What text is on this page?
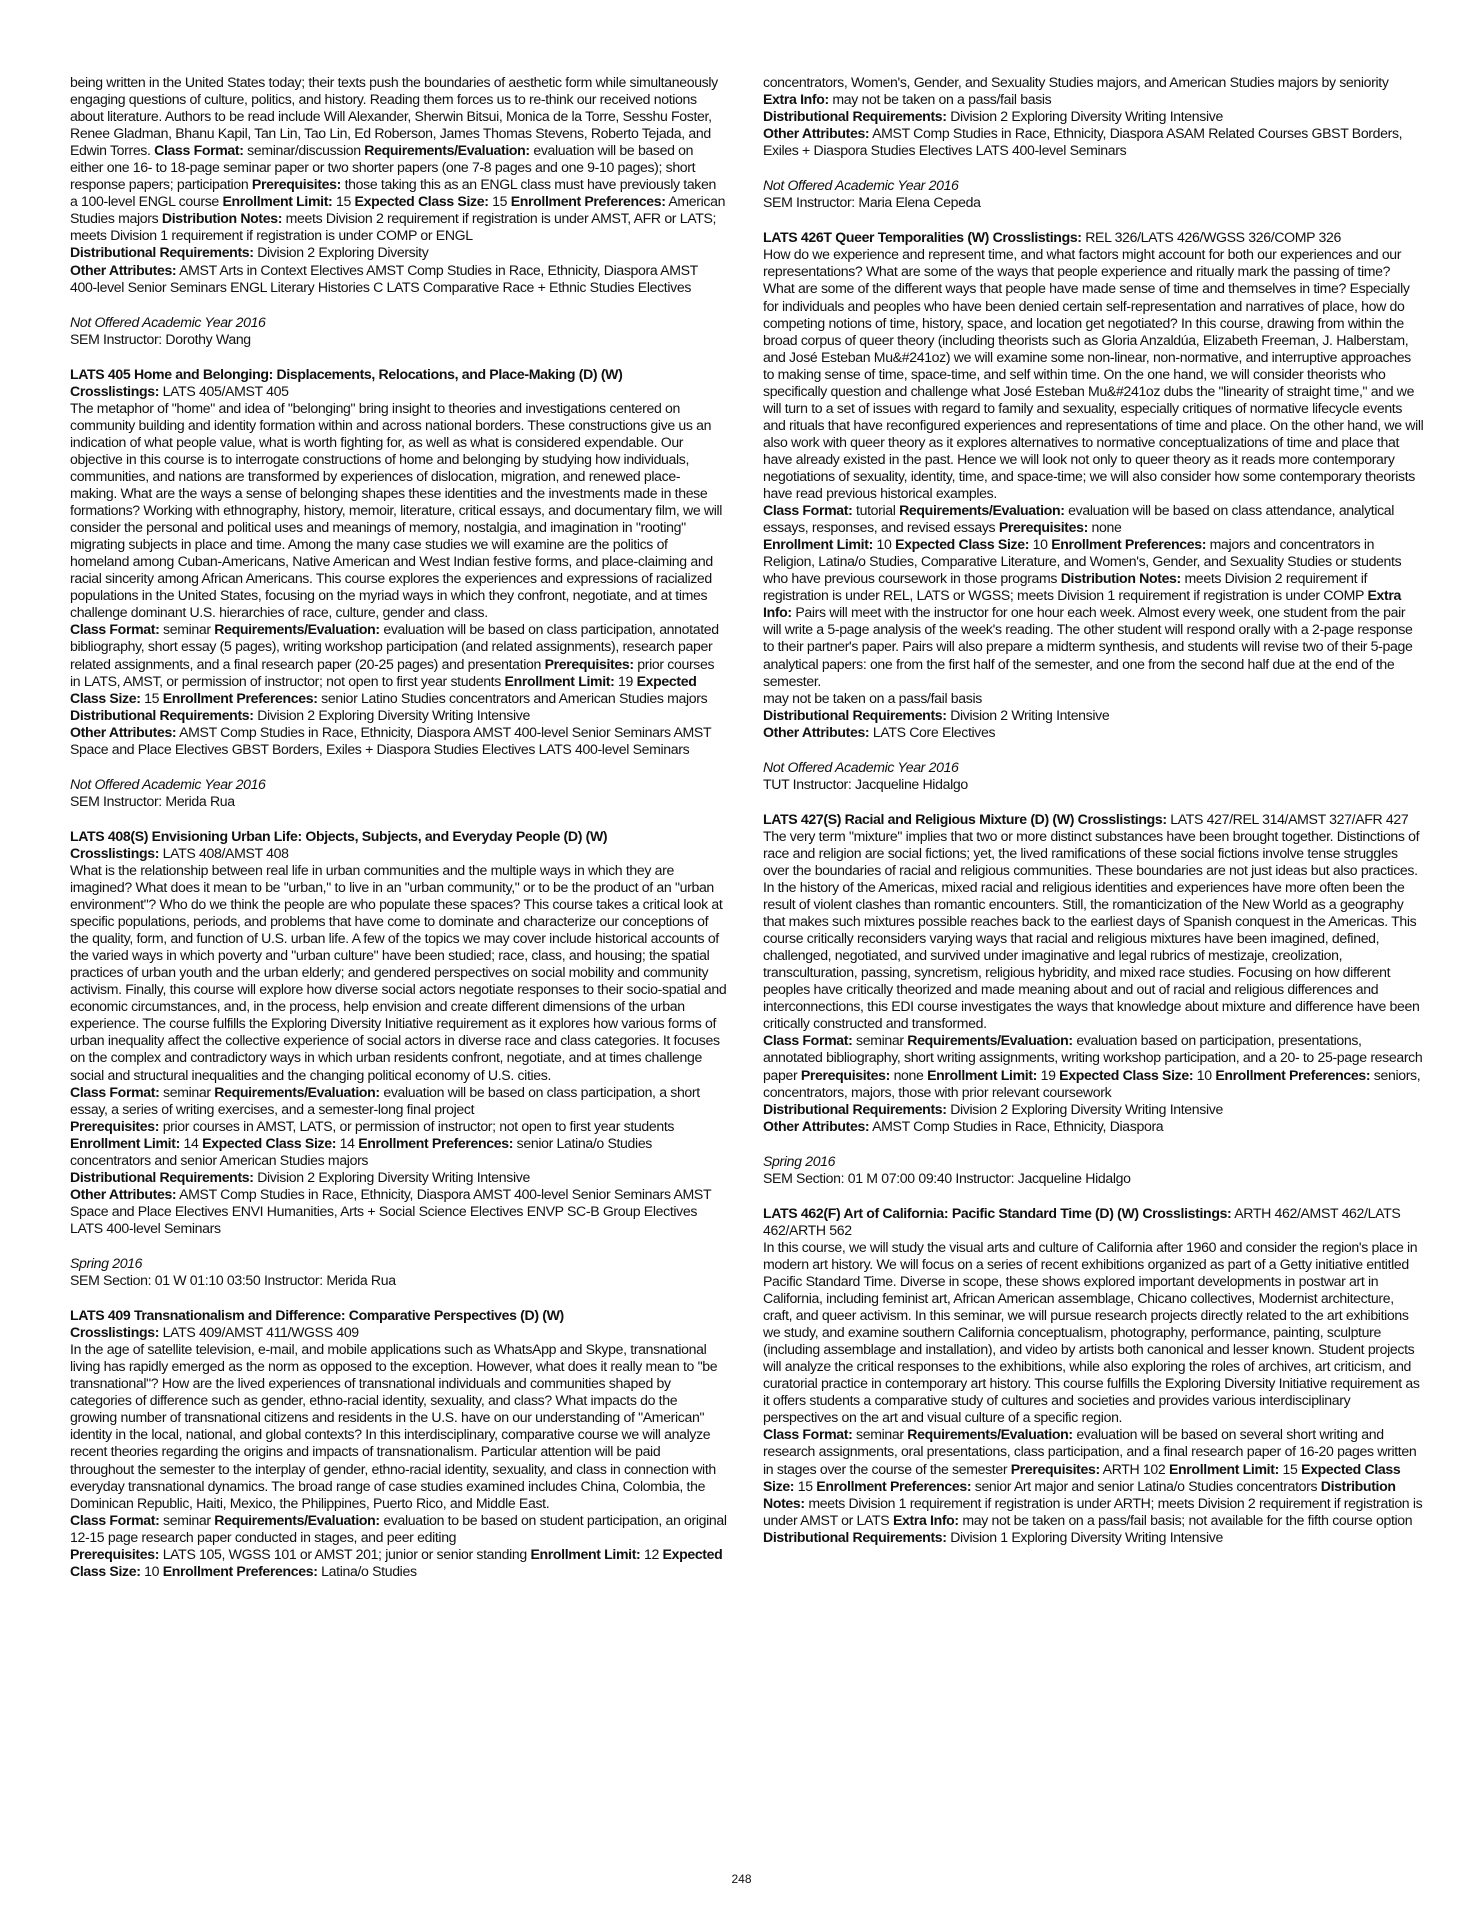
being written in the United States today; their texts push the boundaries of aesthetic form while simultaneously engaging questions of culture, politics, and history. Reading them forces us to re-think our received notions about literature. Authors to be read include Will Alexander, Sherwin Bitsui, Monica de la Torre, Sesshu Foster, Renee Gladman, Bhanu Kapil, Tan Lin, Tao Lin, Ed Roberson, James Thomas Stevens, Roberto Tejada, and Edwin Torres. Class Format: seminar/discussion Requirements/Evaluation: evaluation will be based on either one 16- to 18-page seminar paper or two shorter papers (one 7-8 pages and one 9-10 pages); short response papers; participation Prerequisites: those taking this as an ENGL class must have previously taken a 100-level ENGL course Enrollment Limit: 15 Expected Class Size: 15 Enrollment Preferences: American Studies majors Distribution Notes: meets Division 2 requirement if registration is under AMST, AFR or LATS; meets Division 1 requirement if registration is under COMP or ENGL
Distributional Requirements: Division 2 Exploring Diversity
Other Attributes: AMST Arts in Context Electives AMST Comp Studies in Race, Ethnicity, Diaspora AMST 400-level Senior Seminars ENGL Literary Histories C LATS Comparative Race + Ethnic Studies Electives

Not Offered Academic Year 2016
SEM Instructor: Dorothy Wang

LATS 405 Home and Belonging: Displacements, Relocations, and Place-Making (D) (W)
Crosslistings: LATS 405/AMST 405
The metaphor of "home" and idea of "belonging" bring insight to theories and investigations centered on community building and identity formation within and across national borders. These constructions give us an indication of what people value, what is worth fighting for, as well as what is considered expendable. Our objective in this course is to interrogate constructions of home and belonging by studying how individuals, communities, and nations are transformed by experiences of dislocation, migration, and renewed place-making. What are the ways a sense of belonging shapes these identities and the investments made in these formations? Working with ethnography, history, memoir, literature, critical essays, and documentary film, we will consider the personal and political uses and meanings of memory, nostalgia, and imagination in "rooting" migrating subjects in place and time. Among the many case studies we will examine are the politics of homeland among Cuban-Americans, Native American and West Indian festive forms, and place-claiming and racial sincerity among African Americans. This course explores the experiences and expressions of racialized populations in the United States, focusing on the myriad ways in which they confront, negotiate, and at times challenge dominant U.S. hierarchies of race, culture, gender and class.
Class Format: seminar Requirements/Evaluation: evaluation will be based on class participation, annotated bibliography, short essay (5 pages), writing workshop participation (and related assignments), research paper related assignments, and a final research paper (20-25 pages) and presentation Prerequisites: prior courses in LATS, AMST, or permission of instructor; not open to first year students Enrollment Limit: 19 Expected Class Size: 15 Enrollment Preferences: senior Latino Studies concentrators and American Studies majors
Distributional Requirements: Division 2 Exploring Diversity Writing Intensive
Other Attributes: AMST Comp Studies in Race, Ethnicity, Diaspora AMST 400-level Senior Seminars AMST Space and Place Electives GBST Borders, Exiles + Diaspora Studies Electives LATS 400-level Seminars

Not Offered Academic Year 2016
SEM Instructor: Merida Rua

LATS 408(S) Envisioning Urban Life: Objects, Subjects, and Everyday People (D) (W)
Crosslistings: LATS 408/AMST 408
What is the relationship between real life in urban communities and the multiple ways in which they are imagined? What does it mean to be "urban," to live in an "urban community," or to be the product of an "urban environment"? Who do we think the people are who populate these spaces? This course takes a critical look at specific populations, periods, and problems that have come to dominate and characterize our conceptions of the quality, form, and function of U.S. urban life. A few of the topics we may cover include historical accounts of the varied ways in which poverty and "urban culture" have been studied; race, class, and housing; the spatial practices of urban youth and the urban elderly; and gendered perspectives on social mobility and community activism. Finally, this course will explore how diverse social actors negotiate responses to their socio-spatial and economic circumstances, and, in the process, help envision and create different dimensions of the urban experience. The course fulfills the Exploring Diversity Initiative requirement as it explores how various forms of urban inequality affect the collective experience of social actors in diverse race and class categories. It focuses on the complex and contradictory ways in which urban residents confront, negotiate, and at times challenge social and structural inequalities and the changing political economy of U.S. cities.
Class Format: seminar Requirements/Evaluation: evaluation will be based on class participation, a short essay, a series of writing exercises, and a semester-long final project
Prerequisites: prior courses in AMST, LATS, or permission of instructor; not open to first year students Enrollment Limit: 14 Expected Class Size: 14 Enrollment Preferences: senior Latina/o Studies concentrators and senior American Studies majors
Distributional Requirements: Division 2 Exploring Diversity Writing Intensive
Other Attributes: AMST Comp Studies in Race, Ethnicity, Diaspora AMST 400-level Senior Seminars AMST Space and Place Electives ENVI Humanities, Arts + Social Science Electives ENVP SC-B Group Electives LATS 400-level Seminars

Spring 2016
SEM Section: 01 W 01:10 03:50 Instructor: Merida Rua

LATS 409 Transnationalism and Difference: Comparative Perspectives (D) (W)
Crosslistings: LATS 409/AMST 411/WGSS 409
In the age of satellite television, e-mail, and mobile applications such as WhatsApp and Skype, transnational living has rapidly emerged as the norm as opposed to the exception. However, what does it really mean to "be transnational"? How are the lived experiences of transnational individuals and communities shaped by categories of difference such as gender, ethno-racial identity, sexuality, and class? What impacts do the growing number of transnational citizens and residents in the U.S. have on our understanding of "American" identity in the local, national, and global contexts? In this interdisciplinary, comparative course we will analyze recent theories regarding the origins and impacts of transnationalism. Particular attention will be paid throughout the semester to the interplay of gender, ethno-racial identity, sexuality, and class in connection with everyday transnational dynamics. The broad range of case studies examined includes China, Colombia, the Dominican Republic, Haiti, Mexico, the Philippines, Puerto Rico, and Middle East.
Class Format: seminar Requirements/Evaluation: evaluation to be based on student participation, an original 12-15 page research paper conducted in stages, and peer editing
Prerequisites: LATS 105, WGSS 101 or AMST 201; junior or senior standing Enrollment Limit: 12 Expected Class Size: 10 Enrollment Preferences: Latina/o Studies

concentrators, Women's, Gender, and Sexuality Studies majors, and American Studies majors by seniority Extra Info: may not be taken on a pass/fail basis
Distributional Requirements: Division 2 Exploring Diversity Writing Intensive
Other Attributes: AMST Comp Studies in Race, Ethnicity, Diaspora ASAM Related Courses GBST Borders, Exiles + Diaspora Studies Electives LATS 400-level Seminars

Not Offered Academic Year 2016
SEM Instructor: Maria Elena Cepeda

LATS 426T Queer Temporalities (W) Crosslistings: REL 326/LATS 426/WGSS 326/COMP 326
How do we experience and represent time, and what factors might account for both our experiences and our representations? What are some of the ways that people experience and ritually mark the passing of time? What are some of the different ways that people have made sense of time and themselves in time? Especially for individuals and peoples who have been denied certain self-representation and narratives of place, how do competing notions of time, history, space, and location get negotiated? In this course, drawing from within the broad corpus of queer theory (including theorists such as Gloria Anzaldúa, Elizabeth Freeman, J. Halberstam, and José Esteban Mu&#241oz) we will examine some non-linear, non-normative, and interruptive approaches to making sense of time, space-time, and self within time. On the one hand, we will consider theorists who specifically question and challenge what José Esteban Mu&#241oz dubs the "linearity of straight time," and we will turn to a set of issues with regard to family and sexuality, especially critiques of normative lifecycle events and rituals that have reconfigured experiences and representations of time and place. On the other hand, we will also work with queer theory as it explores alternatives to normative conceptualizations of time and place that have already existed in the past. Hence we will look not only to queer theory as it reads more contemporary negotiations of sexuality, identity, time, and space-time; we will also consider how some contemporary theorists have read previous historical examples.
Class Format: tutorial Requirements/Evaluation: evaluation will be based on class attendance, analytical essays, responses, and revised essays Prerequisites: none
Enrollment Limit: 10 Expected Class Size: 10 Enrollment Preferences: majors and concentrators in Religion, Latina/o Studies, Comparative Literature, and Women's, Gender, and Sexuality Studies or students who have previous coursework in those programs Distribution Notes: meets Division 2 requirement if registration is under REL, LATS or WGSS; meets Division 1 requirement if registration is under COMP Extra Info: Pairs will meet with the instructor for one hour each week. Almost every week, one student from the pair will write a 5-page analysis of the week's reading. The other student will respond orally with a 2-page response to their partner's paper. Pairs will also prepare a midterm synthesis, and students will revise two of their 5-page analytical papers: one from the first half of the semester, and one from the second half due at the end of the semester.
may not be taken on a pass/fail basis
Distributional Requirements: Division 2 Writing Intensive
Other Attributes: LATS Core Electives

Not Offered Academic Year 2016
TUT Instructor: Jacqueline Hidalgo

LATS 427(S) Racial and Religious Mixture (D) (W) Crosslistings: LATS 427/REL 314/AMST 327/AFR 427
The very term "mixture" implies that two or more distinct substances have been brought together. Distinctions of race and religion are social fictions; yet, the lived ramifications of these social fictions involve tense struggles over the boundaries of racial and religious communities. These boundaries are not just ideas but also practices. In the history of the Americas, mixed racial and religious identities and experiences have more often been the result of violent clashes than romantic encounters. Still, the romanticization of the New World as a geography that makes such mixtures possible reaches back to the earliest days of Spanish conquest in the Americas. This course critically reconsiders varying ways that racial and religious mixtures have been imagined, defined, challenged, negotiated, and survived under imaginative and legal rubrics of mestizaje, creolization, transculturation, passing, syncretism, religious hybridity, and mixed race studies. Focusing on how different peoples have critically theorized and made meaning about and out of racial and religious differences and interconnections, this EDI course investigates the ways that knowledge about mixture and difference have been critically constructed and transformed.
Class Format: seminar Requirements/Evaluation: evaluation based on participation, presentations, annotated bibliography, short writing assignments, writing workshop participation, and a 20- to 25-page research paper Prerequisites: none Enrollment Limit: 19 Expected Class Size: 10 Enrollment Preferences: seniors, concentrators, majors, those with prior relevant coursework
Distributional Requirements: Division 2 Exploring Diversity Writing Intensive
Other Attributes: AMST Comp Studies in Race, Ethnicity, Diaspora

Spring 2016
SEM Section: 01 M 07:00 09:40 Instructor: Jacqueline Hidalgo

LATS 462(F) Art of California: Pacific Standard Time (D) (W) Crosslistings: ARTH 462/AMST 462/LATS 462/ARTH 562
In this course, we will study the visual arts and culture of California after 1960 and consider the region's place in modern art history. We will focus on a series of recent exhibitions organized as part of a Getty initiative entitled Pacific Standard Time. Diverse in scope, these shows explored important developments in postwar art in California, including feminist art, African American assemblage, Chicano collectives, Modernist architecture, craft, and queer activism. In this seminar, we will pursue research projects directly related to the art exhibitions we study, and examine southern California conceptualism, photography, performance, painting, sculpture (including assemblage and installation), and video by artists both canonical and lesser known. Student projects will analyze the critical responses to the exhibitions, while also exploring the roles of archives, art criticism, and curatorial practice in contemporary art history. This course fulfills the Exploring Diversity Initiative requirement as it offers students a comparative study of cultures and societies and provides various interdisciplinary perspectives on the art and visual culture of a specific region.
Class Format: seminar Requirements/Evaluation: evaluation will be based on several short writing and research assignments, oral presentations, class participation, and a final research paper of 16-20 pages written in stages over the course of the semester Prerequisites: ARTH 102 Enrollment Limit: 15 Expected Class Size: 15 Enrollment Preferences: senior Art major and senior Latina/o Studies concentrators Distribution Notes: meets Division 1 requirement if registration is under ARTH; meets Division 2 requirement if registration is under AMST or LATS Extra Info: may not be taken on a pass/fail basis; not available for the fifth course option
Distributional Requirements: Division 1 Exploring Diversity Writing Intensive

248
